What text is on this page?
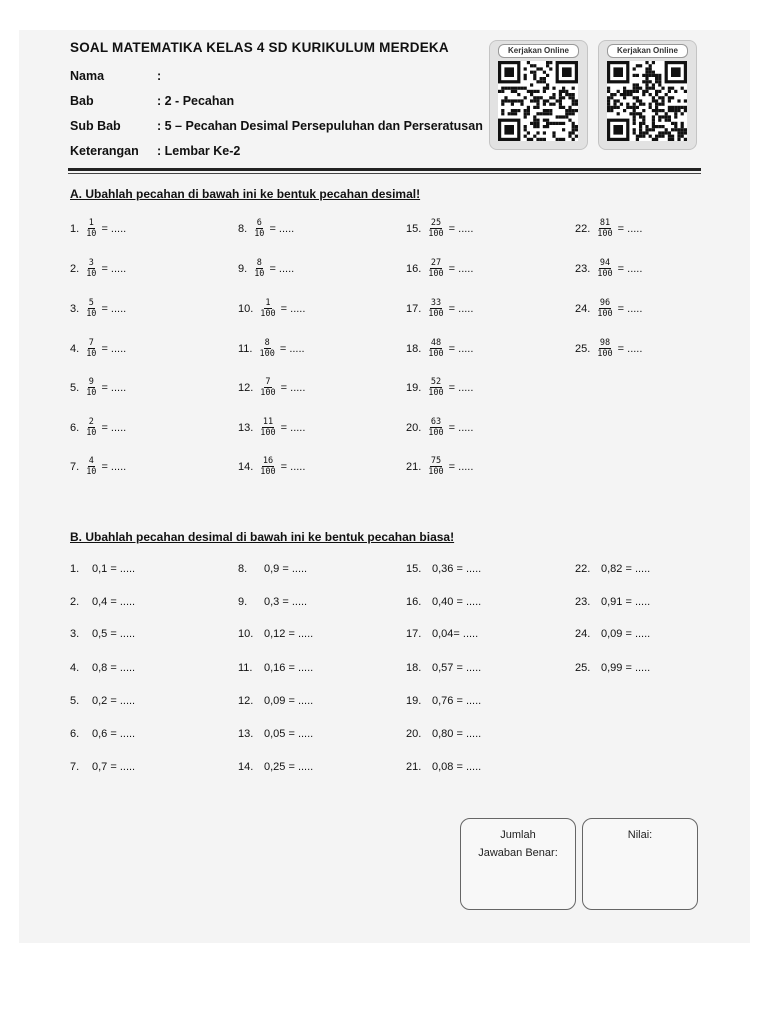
SOAL MATEMATIKA KELAS 4 SD KURIKULUM MERDEKA
Nama	:
Bab	: 2 - Pecahan
Sub Bab	: 5 – Pecahan Desimal Persepuluhan dan Perseratusan
Keterangan : Lembar Ke-2
Kerjakan Online	Kerjakan Online
A. Ubahlah pecahan di bawah ini ke bentuk pecahan desimal!
1. $\frac{1}{10}$ = .....
2. $\frac{3}{10}$ = .....
3. $\frac{5}{10}$ = .....
4. $\frac{7}{10}$ = .....
5. $\frac{9}{10}$ = .....
6. $\frac{2}{10}$ = .....
7. $\frac{4}{10}$ = .....
8. $\frac{6}{10}$ = .....
9. $\frac{8}{10}$ = .....
10. $\frac{1}{100}$ = .....
11. $\frac{8}{100}$ = .....
12. $\frac{7}{100}$ = .....
13. $\frac{11}{100}$ = .....
14. $\frac{16}{100}$ = .....
15. $\frac{25}{100}$ = .....
16. $\frac{27}{100}$ = .....
17. $\frac{33}{100}$ = .....
18. $\frac{48}{100}$ = .....
19. $\frac{52}{100}$ = .....
20. $\frac{63}{100}$ = .....
21. $\frac{75}{100}$ = .....
22. $\frac{81}{100}$ = .....
23. $\frac{94}{100}$ = .....
24. $\frac{96}{100}$ = .....
25. $\frac{98}{100}$ = .....
B. Ubahlah pecahan desimal di bawah ini ke bentuk pecahan biasa!
1.	0,1 = .....
2.	0,4 = .....
3.	0,5 = .....
4.	0,8 = .....
5.	0,2 = .....
6.	0,6 = .....
7.	0,7 = .....
8.	0,9 = .....
9.	0,3 = .....
10. 0,12 = .....
11.	0,16 = .....
12. 0,09 = .....
13. 0,05 = .....
14. 0,25 = .....
15. 0,36 = .....
16. 0,40 = .....
17. 0,04= .....
18. 0,57 = .....
19. 0,76 = .....
20. 0,80 = .....
21. 0,08 = .....
22. 0,82 = .....
23. 0,91 = .....
24. 0,09 = .....
25. 0,99 = .....
Jumlah
Jawaban Benar:
Nilai:
